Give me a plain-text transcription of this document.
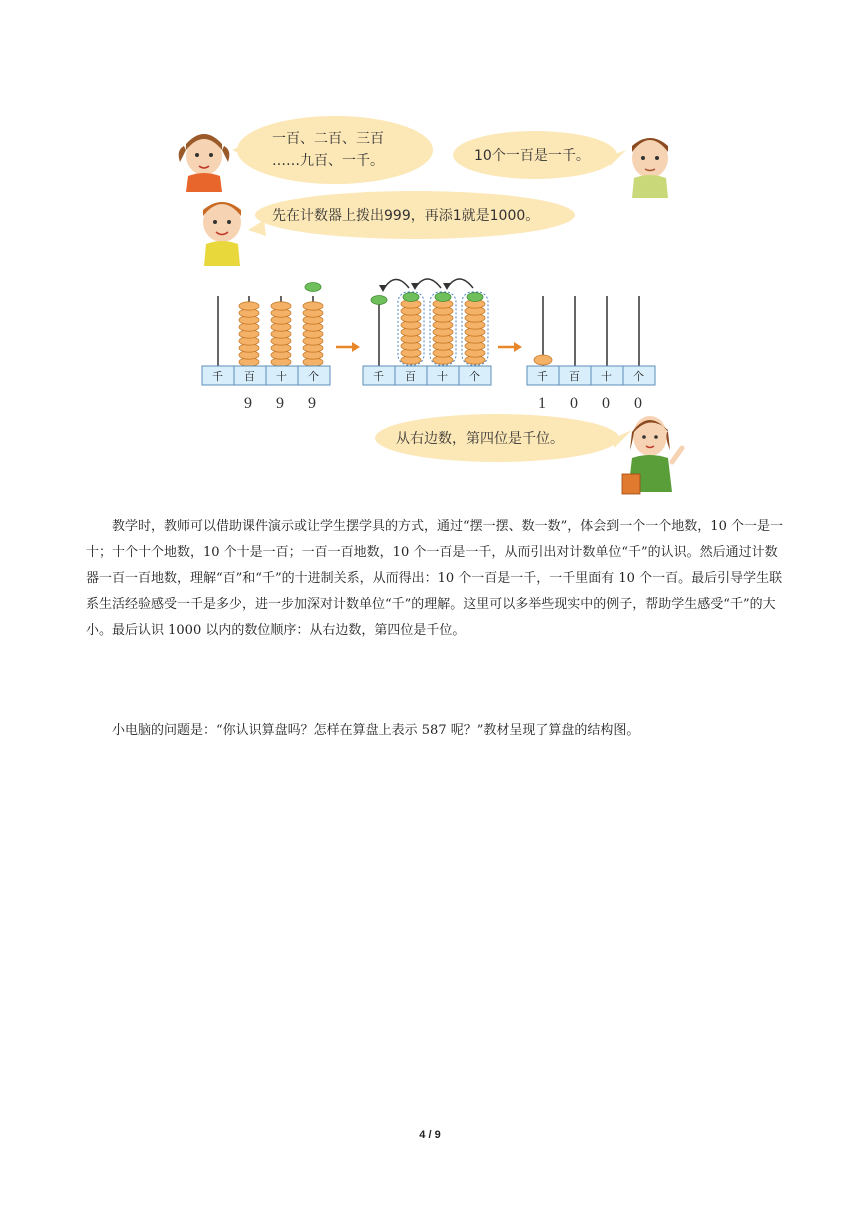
一百、二百、三百
……九百、一千。	10个一百是一千。
先在计数器上拨出999，再添1就是1000。
千 百 十 个
9 9 9
千 百 十 个	千 百 十 个
1 0 0 0
从右边数，第四位是千位。

教学时，教师可以借助课件演示或让学生摆学具的方式，通过“摆一摆、数一数”，体会到一个一个地数，10 个一是一十；十个十个地数，10 个十是一百；一百一百地数，10 个一百是一千，从而引出对计数单位“千”的认识。然后通过计数器一百一百地数，理解“百”和“千”的十进制关系，从而得出：10 个一百是一千，一千里面有 10 个一百。最后引导学生联系生活经验感受一千是多少，进一步加深对计数单位“千”的理解。这里可以多举些现实中的例子，帮助学生感受“千”的大小。最后认识 1000 以内的数位顺序：从右边数，第四位是千位。

小电脑的问题是：“你认识算盘吗？怎样在算盘上表示 587 呢？”教材呈现了算盘的结构图。

4 / 9
